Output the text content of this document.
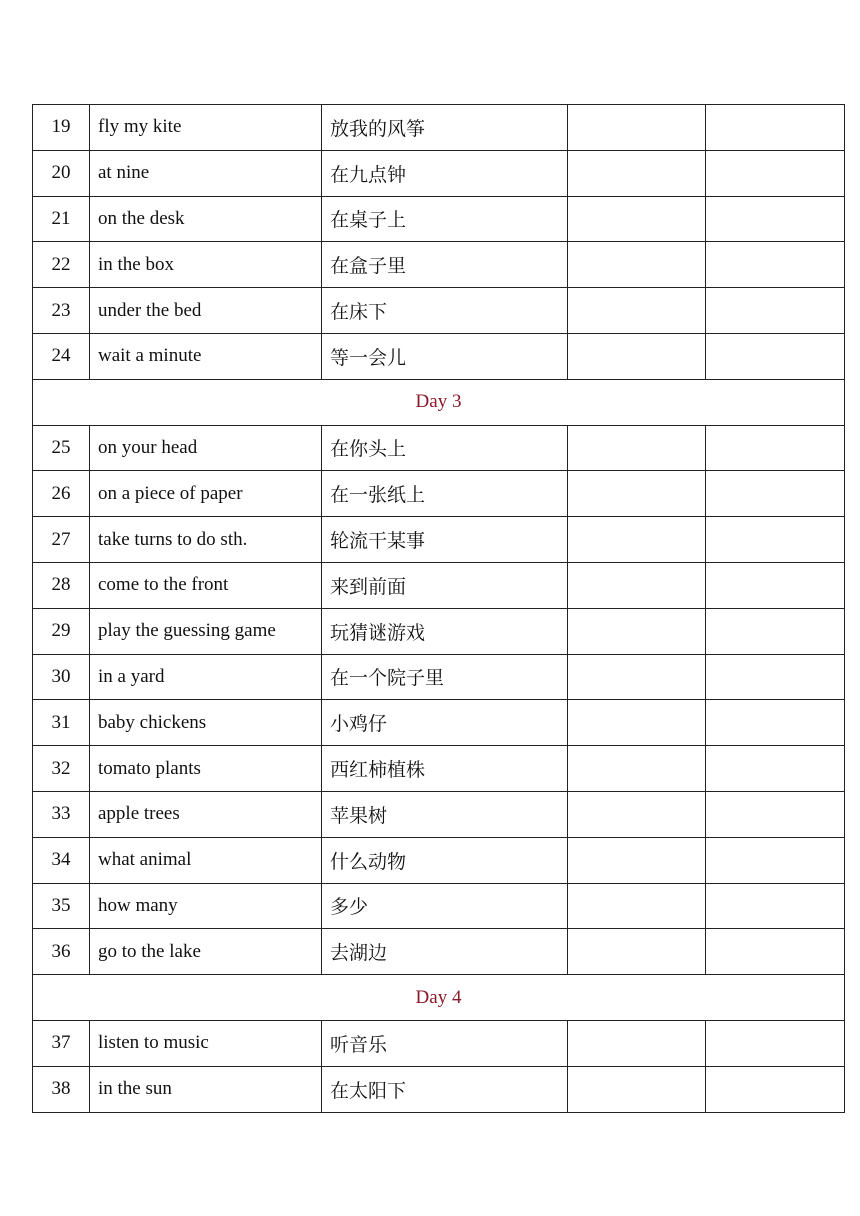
19	fly my kite	放我的风筝		
20	at nine	在九点钟		
21	on the desk	在桌子上		
22	in the box	在盒子里		
23	under the bed	在床下		
24	wait a minute	等一会儿		
Day 3				
25	on your head	在你头上		
26	on a piece of paper	在一张纸上		
27	take turns to do sth.	轮流干某事		
28	come to the front	来到前面		
29	play the guessing game	玩猜谜游戏		
30	in a yard	在一个院子里		
31	baby chickens	小鸡仔		
32	tomato plants	西红柿植株		
33	apple trees	苹果树		
34	what animal	什么动物		
35	how many	多少		
36	go to the lake	去湖边		
Day 4				
37	listen to music	听音乐		
38	in the sun	在太阳下		
